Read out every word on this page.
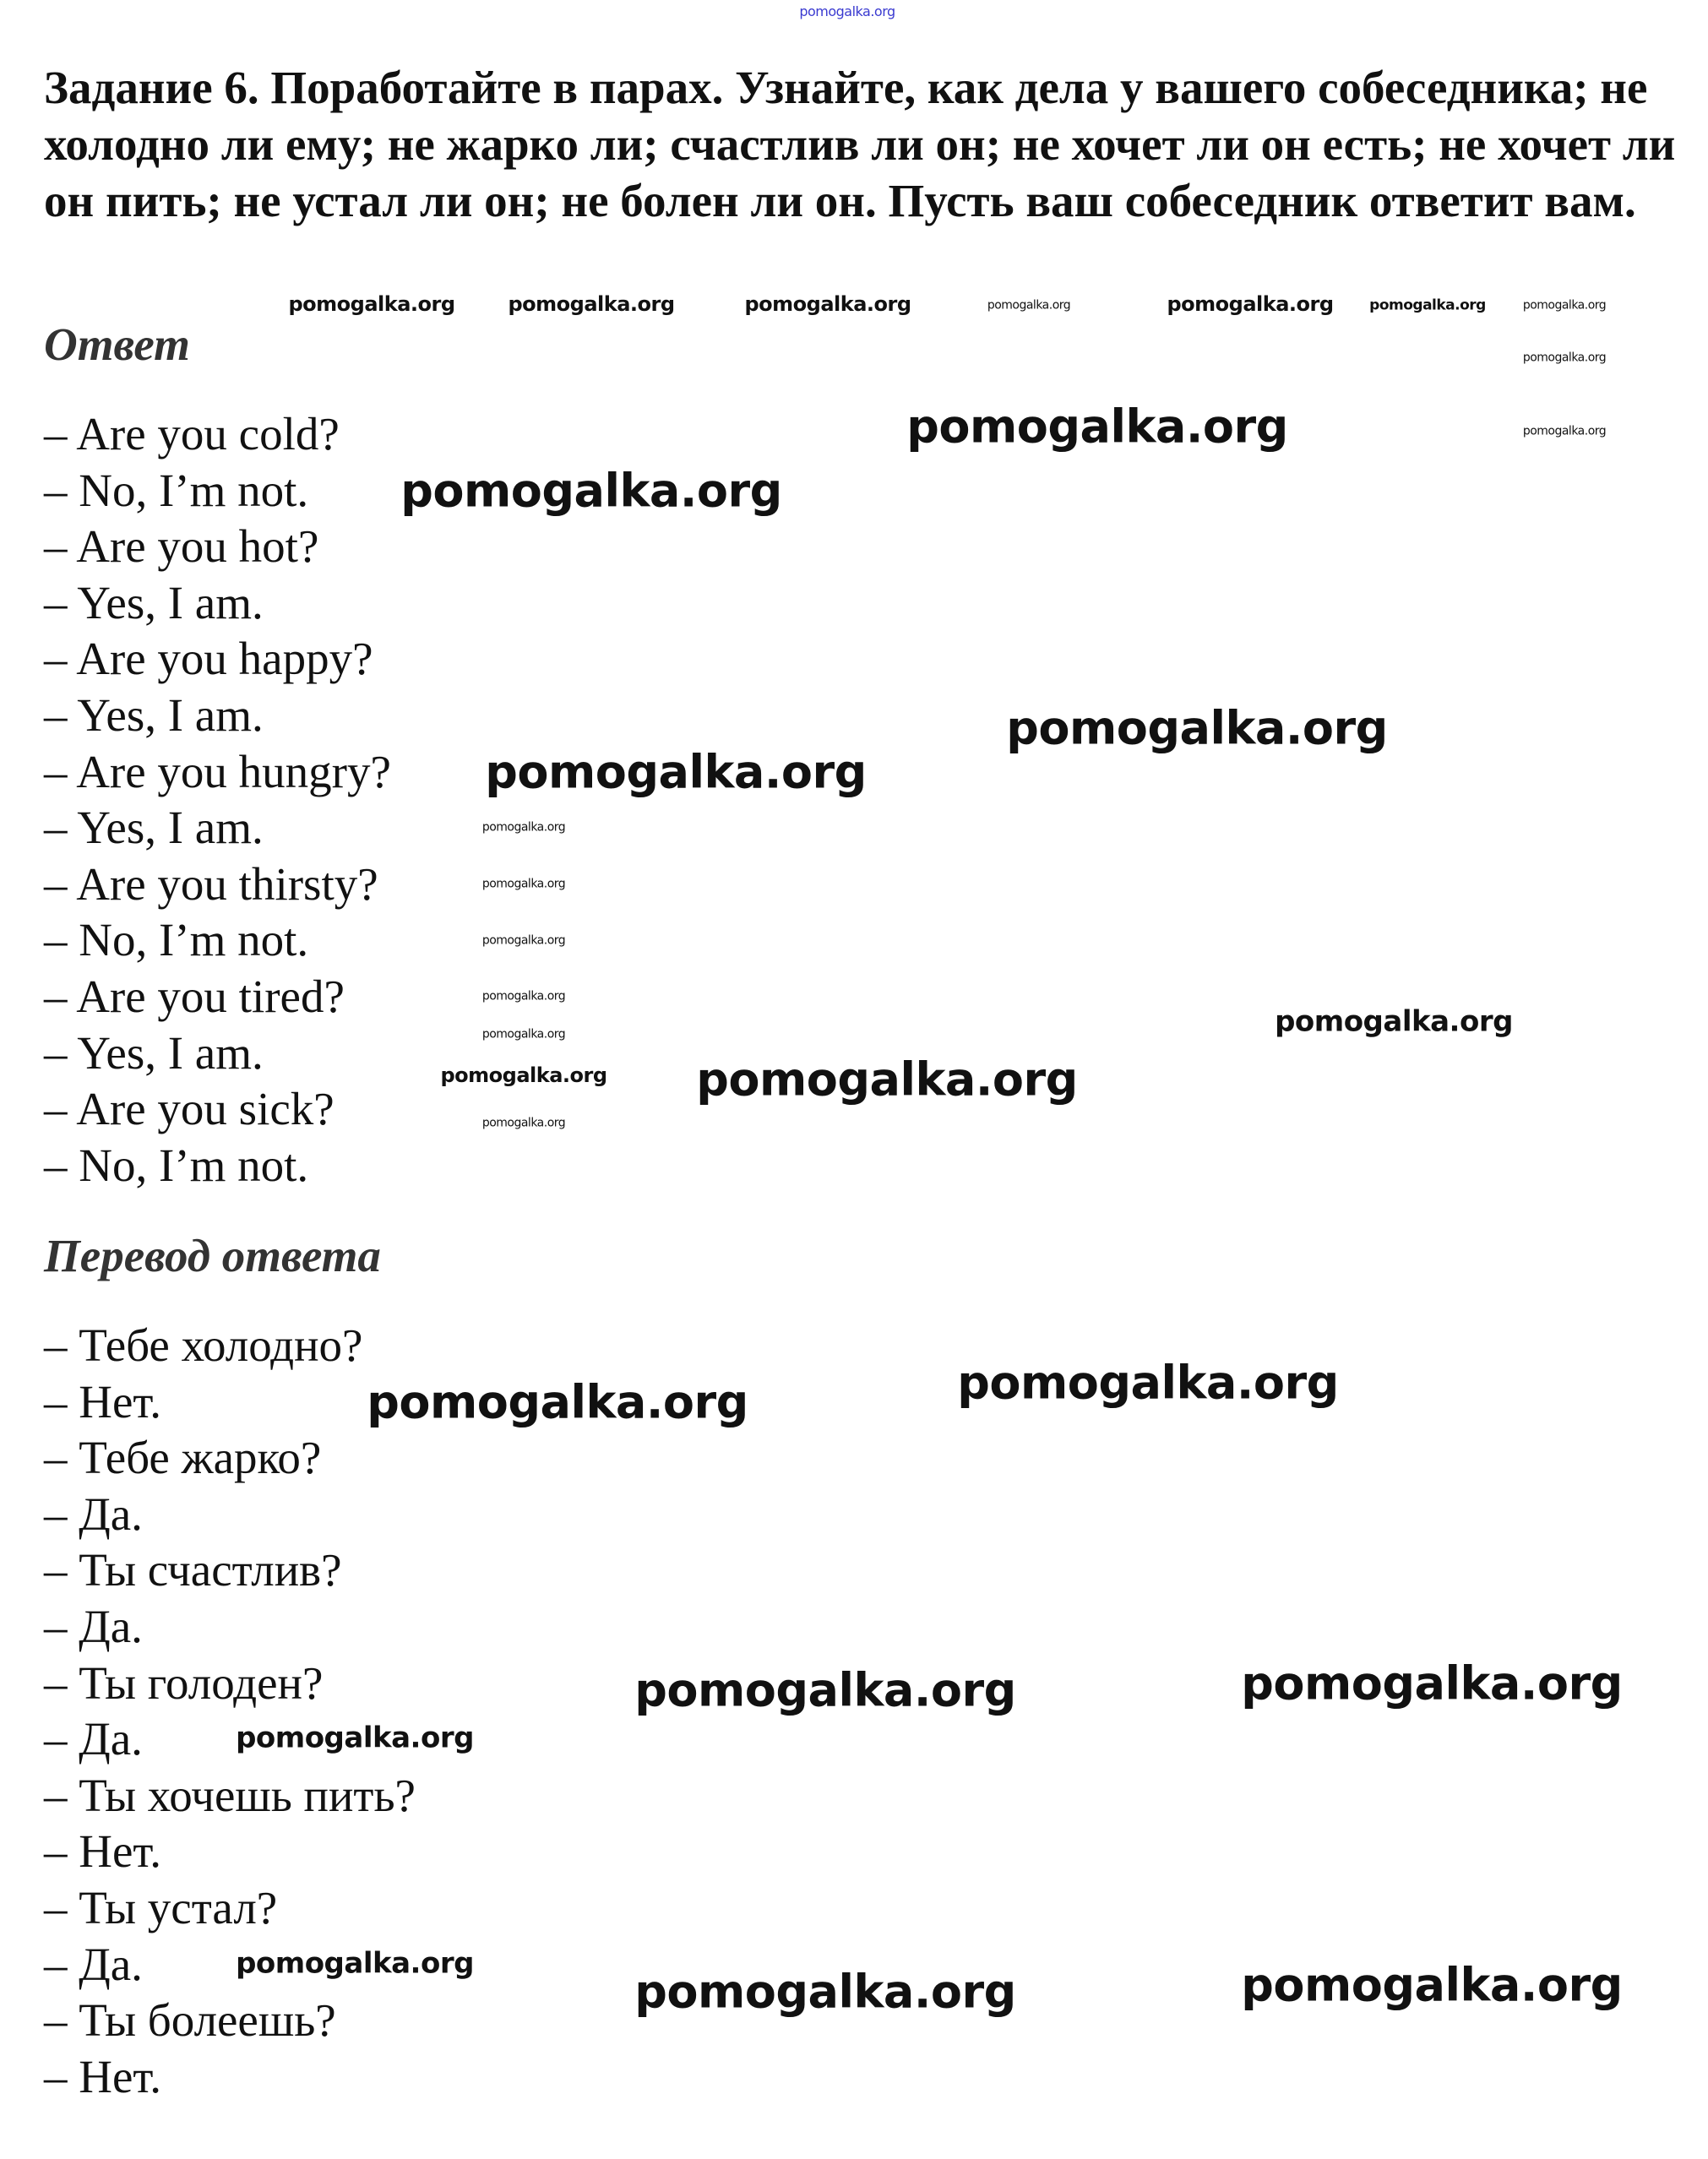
pomogalka.org

Задание 6. Поработайте в парах. Узнайте, как дела у вашего собеседника; не холодно ли ему; не жарко ли; счастлив ли он; не хочет ли он есть; не хочет ли он пить; не устал ли он; не болен ли он. Пусть ваш собеседник ответит вам.

Ответ
– Are you cold?
– No, I’m not.
– Are you hot?
– Yes, I am.
– Are you happy?
– Yes, I am.
– Are you hungry?
– Yes, I am.
– Are you thirsty?
– No, I’m not.
– Are you tired?
– Yes, I am.
– Are you sick?
– No, I’m not.
Перевод ответа
– Тебе холодно?
– Нет.
– Тебе жарко?
– Да.
– Ты счастлив?
– Да.
– Ты голоден?
– Да.
– Ты хочешь пить?
– Нет.
– Ты устал?
– Да.
– Ты болеешь?
– Нет.
pomogalka.org	pomogalka.org	pomogalka.org	pomogalka.org	pomogalka.org
pomogalka.org	pomogalka.org
pomogalka.org
pomogalka.org
pomogalka.org
pomogalka.org
pomogalka.org
pomogalka.org
pomogalka.org
pomogalka.org
pomogalka.org
pomogalka.org
pomogalka.org
pomogalka.org
pomogalka.org
pomogalka.org
pomogalka.org
pomogalka.org	pomogalka.org
pomogalka.org	pomogalka.org
pomogalka.org
pomogalka.org
pomogalka.org	pomogalka.org
